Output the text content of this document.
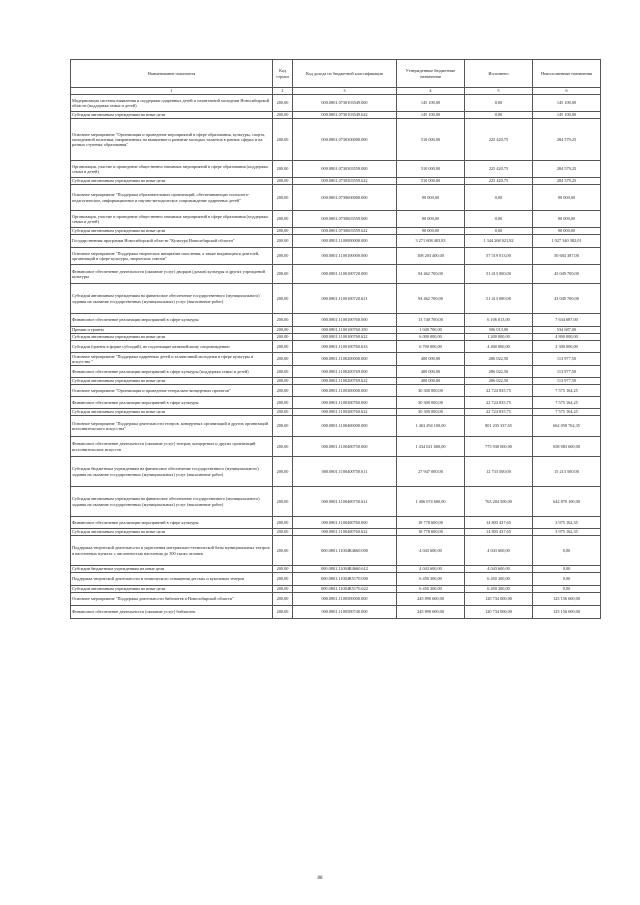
Наименование показателя	Код строки	Код дохода по бюджетной классификации	Утвержденные бюджетные назначения	Исполнено	Неисполненные назначения
1	2	3	4	5	6
Модернизация системы выявления и поддержки одаренных детей и талантливой молодежи Новосибирской области (поддержка семьи и детей)	200,00	000.0801.0730103549.000	145 100,00	0,00	145 100,00
Субсидии автономным учреждениям на иные цели	200,00	000.0801.0730103549.622	145 100,00	0,00	145 100,00
Основное мероприятие "Организация и проведение мероприятий в сфере образования, культуры, спорта, молодежной политики, направленных на выявление и развитие молодых талантов в разных сферах и на разных ступенях образования"	200,00	000.0801.0730300000.000	510 000,00	225 420,75	284 579,25
Организация, участие и проведение общественно значимых мероприятий в сфере образования (поддержка семьи и детей)	200,00	000.0801.0730303559.000	510 000,00	225 420,75	284 579,25
Субсидии автономным учреждениям на иные цели	200,00	000.0801.0730303559.622	510 000,00	225 420,75	284 579,25
Основное мероприятие "Поддержка образовательных организаций, обеспечивающих психолого-педагогическое, информационное и научно-методическое сопровождение одаренных детей"	200,00	000.0801.0730600000.000	90 000,00	0,00	90 000,00
Организация, участие и проведение общественно значимых мероприятий в сфере образования (поддержка семьи и детей)	200,00	000.0801.0730603559.000	90 000,00	0,00	90 000,00
Субсидии автономным учреждениям на иные цели	200,00	000.0801.0730603559.622	90 000,00	0,00	90 000,00
Государственная программа Новосибирской области "Культура Новосибирской области"	200,00	000.0801.1100000000.000	3 271 608 403,83	1 344 268 021,82	1 927 340 382,01
Основное мероприятие "Поддержка творческих инициатив населения, а также выдающихся деятелей, организаций в сфере культуры, творческих союзов"	200,00	000.0801.1100100000.000	108 203 400,00	57 519 013,00	50 684 387,00
Финансовое обеспечение деятельности (оказание услуг) дворцов (домов) культуры и других учреждений культуры	200,00	000.0801.1100100720.000	94 462 700,00	51 413 000,00	43 049 700,00
Субсидии автономным учреждениям на финансовое обеспечение государственного (муниципального) задания на оказание государственных (муниципальных) услуг (выполнение работ)	200,00	000.0801.1100100720.621	94 462 700,00	51 413 000,00	43 049 700,00
Финансовое обеспечение реализации мероприятий в сфере культуры	200,00	000.0801.1100100760.000	13 740 700,00	6 106 013,00	7 634 687,00
Премии и гранты	200,00	000.0801.1100100760.350	1 040 700,00	506 013,00	534 687,00
Субсидии автономным учреждениям на иные цели	200,00	000.0801.1100100760.622	6 000 000,00	1 200 000,00	4 800 000,00
Субсидии (гранты в форме субсидий), не подлежащие казначейскому сопровождению	200,00	000.0801.1100100760.633	6 700 000,00	4 400 000,00	2 300 000,00
Основное мероприятие "Поддержка одаренных детей и талантливой молодежи в сфере культуры и искусства "	200,00	000.0801.1100200000.000	400 000,00	286 022,50	113 977,50
Финансовое обеспечение реализации мероприятий в сфере культуры (поддержка семьи и детей)	200,00	000.0801.1100200769.000	400 000,00	286 022,50	113 977,50
Субсидии автономным учреждениям на иные цели	200,00	000.0801.1100200769.622	400 000,00	286 022,50	113 977,50
Основное мероприятие "Организация и проведение театрально-концертных проектов"	200,00	000.0801.1100300000.000	30 300 000,00	22 724 835,75	7 575 164,25
Финансовое обеспечение реализации мероприятий в сфере культуры	200,00	000.0801.1100300760.000	30 300 000,00	22 724 835,75	7 575 164,25
Субсидии автономным учреждениям на иные цели	200,00	000.0801.1100300760.622	30 300 000,00	22 724 835,75	7 575 164,25
Основное мероприятие "Поддержка деятельности театров, концертных организаций и других организаций исполнительского искусства"	200,00	000.0801.1100400000.000	1 463 294 100,00	801 235 337,65	662 058 762,35
Финансовое обеспечение деятельности (оказание услуг) театров, концертных и других организаций исполнительских искусств	200,00	000.0801.1100400750.000	1 434 021 600,00	775 938 000,00	658 083 600,00
Субсидии бюджетным учреждениям на финансовое обеспечение государственного (муниципального) задания на оказание государственных (муниципальных) услуг (выполнение работ)	200,00	000.0801.1100400750.611	27 947 000,00	12 733 500,00	15 213 500,00
Субсидии автономным учреждениям на финансовое обеспечение государственного (муниципального) задания на оказание государственных (муниципальных) услуг (выполнение работ)	200,00	000.0801.1100400750.621	1 406 074 600,00	763 204 500,00	642 870 100,00
Финансовое обеспечение реализации мероприятий в сфере культуры	200,00	000.0801.1100400760.000	18 778 600,00	14 803 437,65	3 975 162,35
Субсидии автономным учреждениям на иные цели	200,00	000.0801.1100400760.622	18 778 600,00	14 803 437,65	3 975 162,35
Поддержка творческой деятельности и укрепления материально-технической базы муниципальных театров в населенных пунктах с численностью населения до 300 тысяч человек	200,00	000.0801.11004R4660.000	4 043 600,00	4 043 600,00	0,00
Субсидии бюджетным учреждениям на иные цели	200,00	000.0801.11004R4660.612	4 043 600,00	4 043 600,00	0,00
Поддержка творческой деятельности и технического оснащения детских и кукольных театров	200,00	000.0801.11004R5170.000	6 450 300,00	6 450 300,00	0,00
Субсидии автономным учреждениям на иные цели	200,00	000.0801.11004R5170.622	6 450 300,00	6 450 300,00	0,00
Основное мероприятие "Поддержка деятельности библиотек в Новосибирской области"	200,00	000.0801.1100500000.000	245 890 600,00	120 734 000,00	125 156 600,00
Финансовое обеспечение деятельности (оказание услуг) библиотек	200,00	000.0801.1100500740.000	245 890 600,00	120 734 000,00	125 156 600,00
88
